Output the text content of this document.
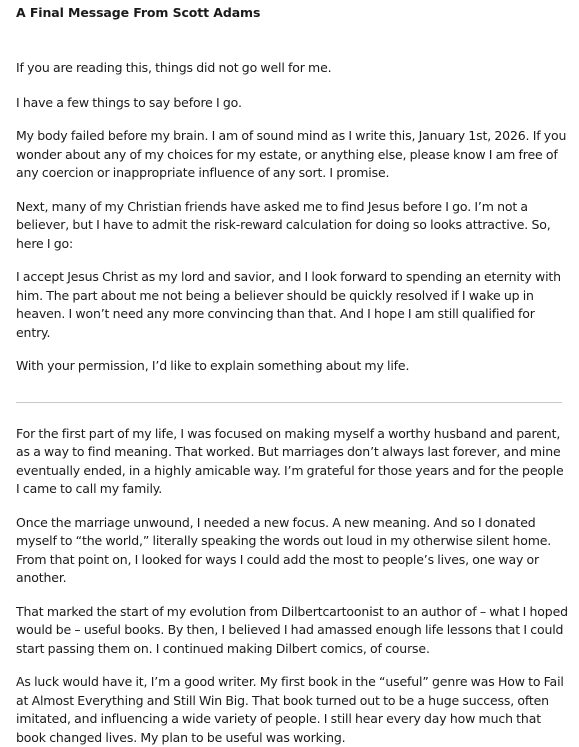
A Final Message From Scott Adams

If you are reading this, things did not go well for me.

I have a few things to say before I go.

My body failed before my brain. I am of sound mind as I write this, January 1st, 2026. If you wonder about any of my choices for my estate, or anything else, please know I am free of any coercion or inappropriate influence of any sort. I promise.

Next, many of my Christian friends have asked me to find Jesus before I go. I’m not a believer, but I have to admit the risk-reward calculation for doing so looks attractive. So, here I go:

I accept Jesus Christ as my lord and savior, and I look forward to spending an eternity with him. The part about me not being a believer should be quickly resolved if I wake up in heaven. I won’t need any more convincing than that. And I hope I am still qualified for entry.

With your permission, I’d like to explain something about my life.

For the first part of my life, I was focused on making myself a worthy husband and parent, as a way to find meaning. That worked. But marriages don’t always last forever, and mine eventually ended, in a highly amicable way. I’m grateful for those years and for the people I came to call my family.

Once the marriage unwound, I needed a new focus. A new meaning. And so I donated myself to “the world,” literally speaking the words out loud in my otherwise silent home. From that point on, I looked for ways I could add the most to people’s lives, one way or another.

That marked the start of my evolution from Dilbertcartoonist to an author of – what I hoped would be – useful books. By then, I believed I had amassed enough life lessons that I could start passing them on. I continued making Dilbert comics, of course.

As luck would have it, I’m a good writer. My first book in the “useful” genre was How to Fail at Almost Everything and Still Win Big. That book turned out to be a huge success, often imitated, and influencing a wide variety of people. I still hear every day how much that book changed lives. My plan to be useful was working.
